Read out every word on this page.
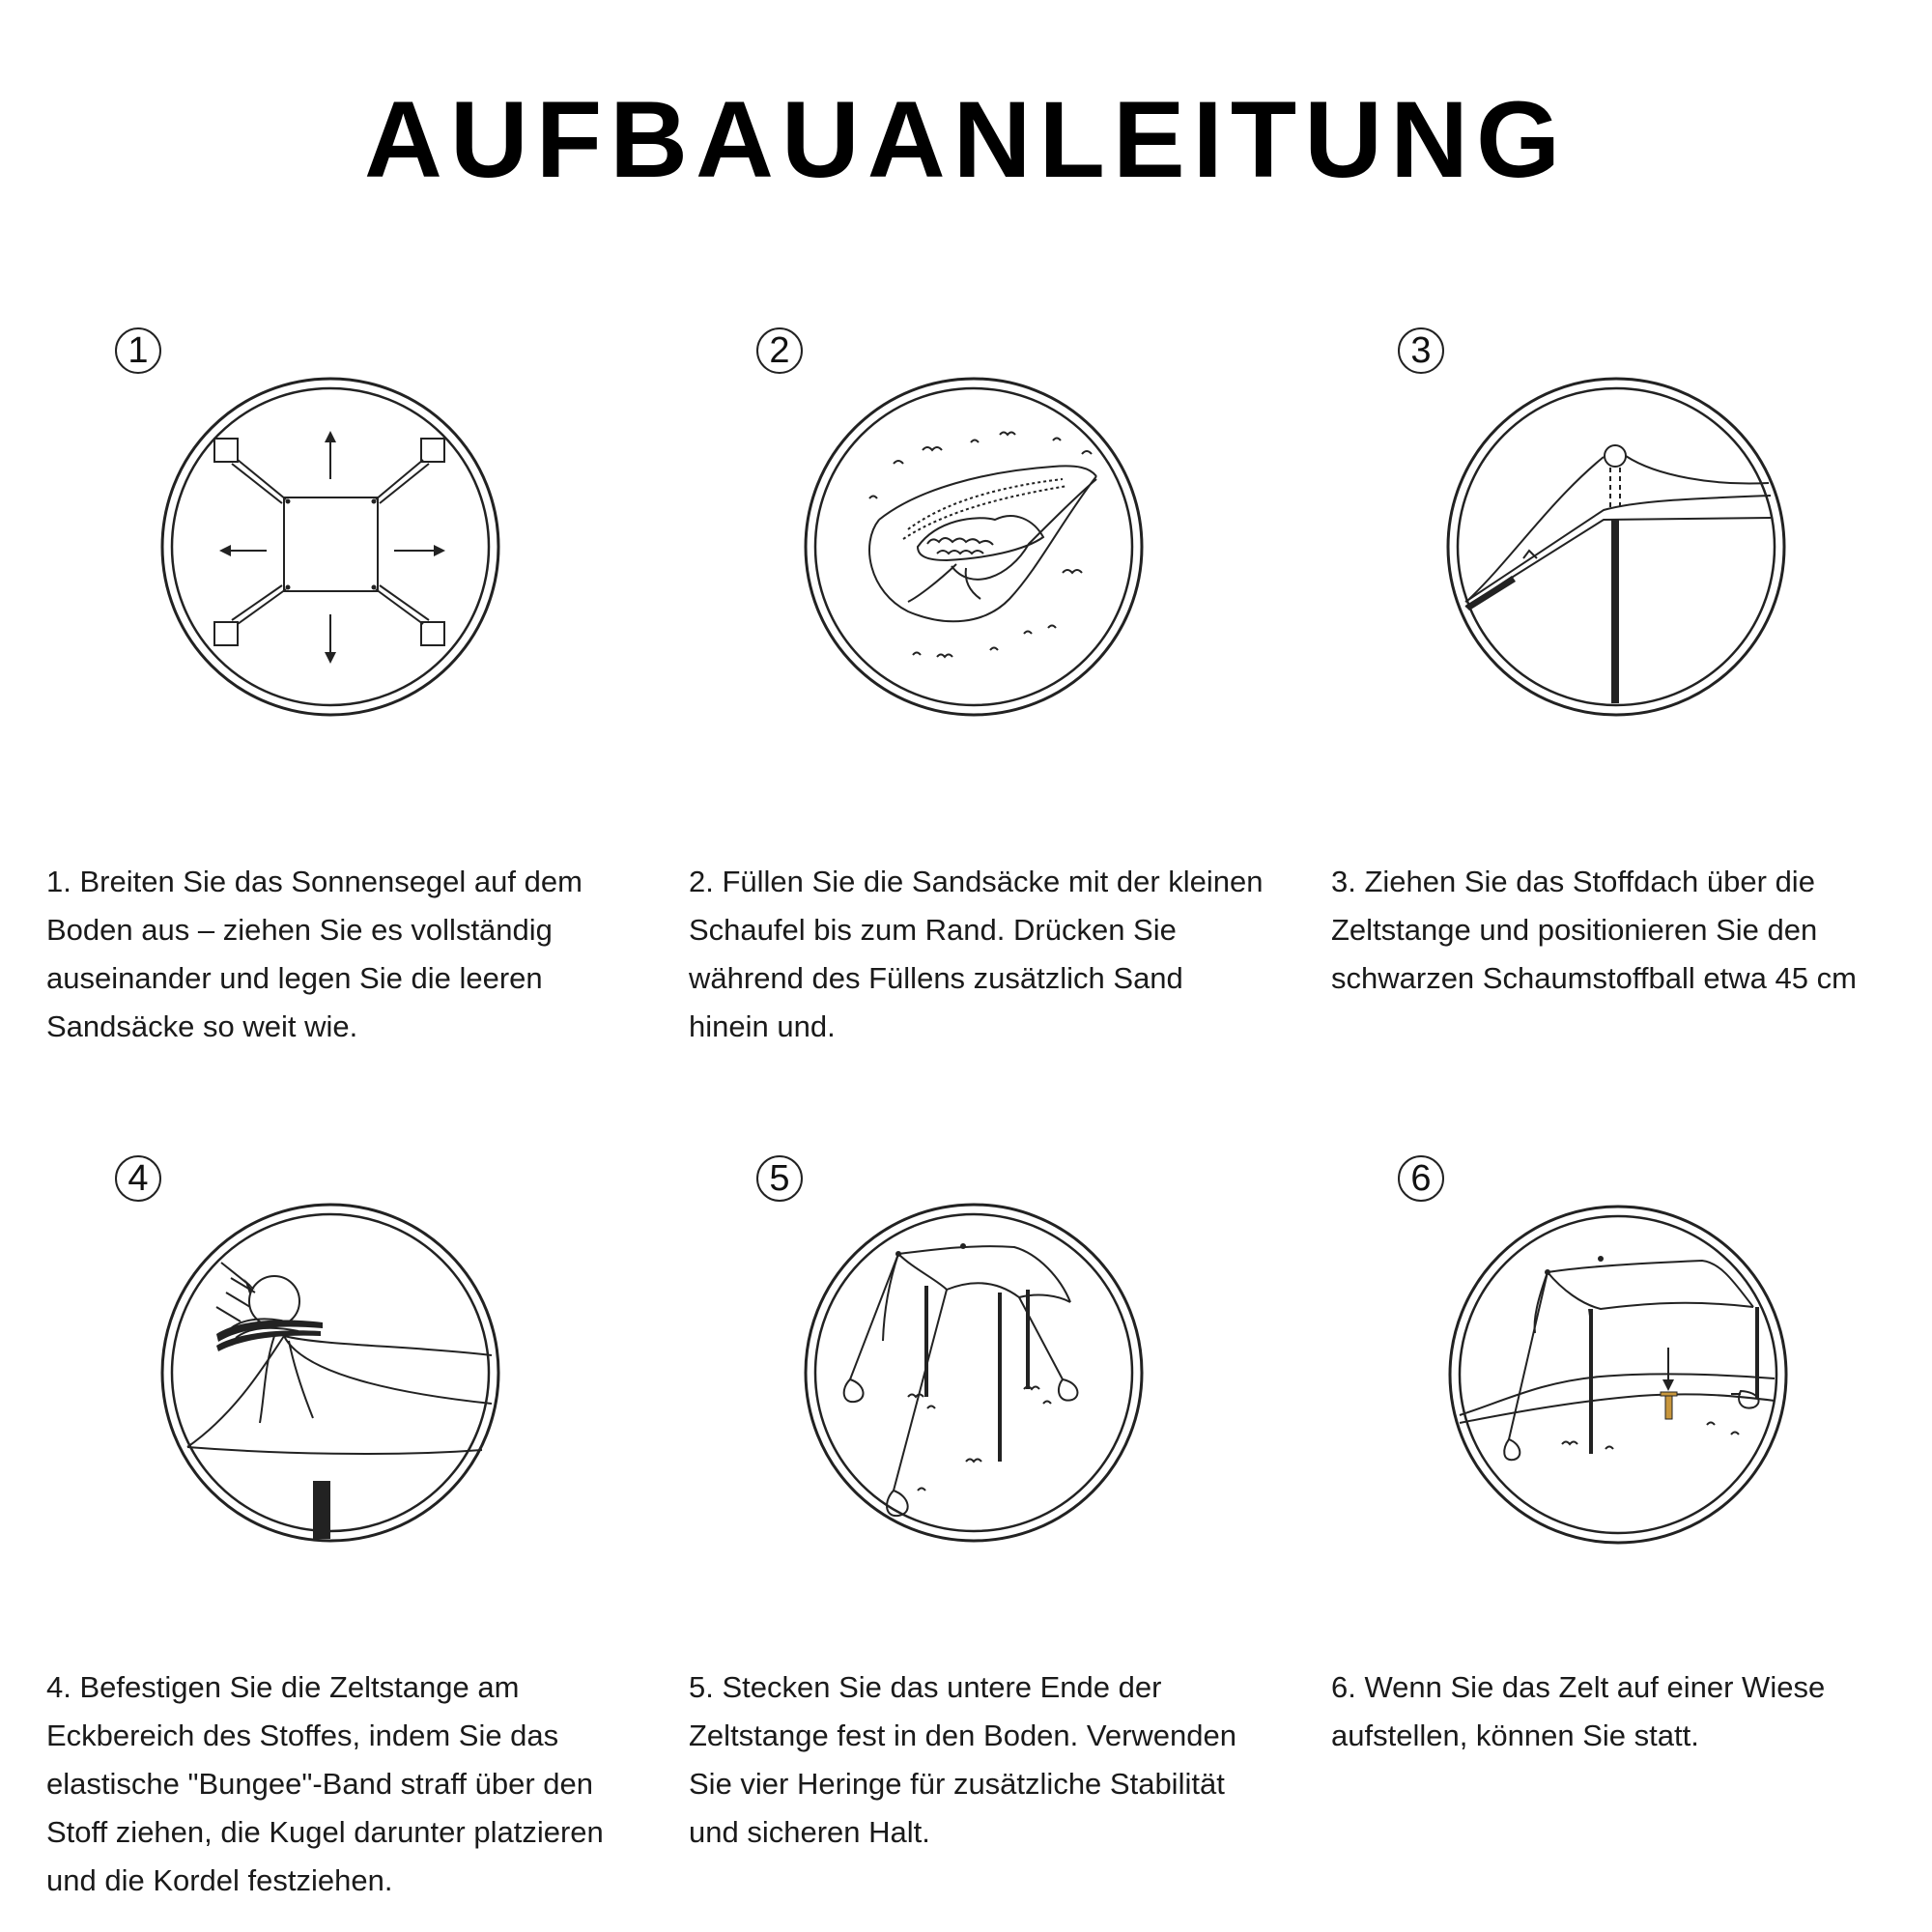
AUFBAUANLEITUNG
1
1. Breiten Sie das Sonnensegel auf dem Boden aus – ziehen Sie es vollständig auseinander und legen Sie die leeren Sandsäcke so weit wie.
2
2. Füllen Sie die Sandsäcke mit der kleinen Schaufel bis zum Rand. Drücken Sie während des Füllens zusätzlich Sand hinein und.
3
3. Ziehen Sie das Stoffdach über die Zeltstange und positionieren Sie den schwarzen Schaumstoffball etwa 45 cm
4
4. Befestigen Sie die Zeltstange am Eckbereich des Stoffes, indem Sie das elastische "Bungee"-Band straff über den Stoff ziehen, die Kugel darunter platzieren und die Kordel festziehen.
5
5. Stecken Sie das untere Ende der Zeltstange fest in den Boden. Verwenden Sie vier Heringe für zusätzliche Stabilität und sicheren Halt.
6
6. Wenn Sie das Zelt auf einer Wiese aufstellen, können Sie statt.
